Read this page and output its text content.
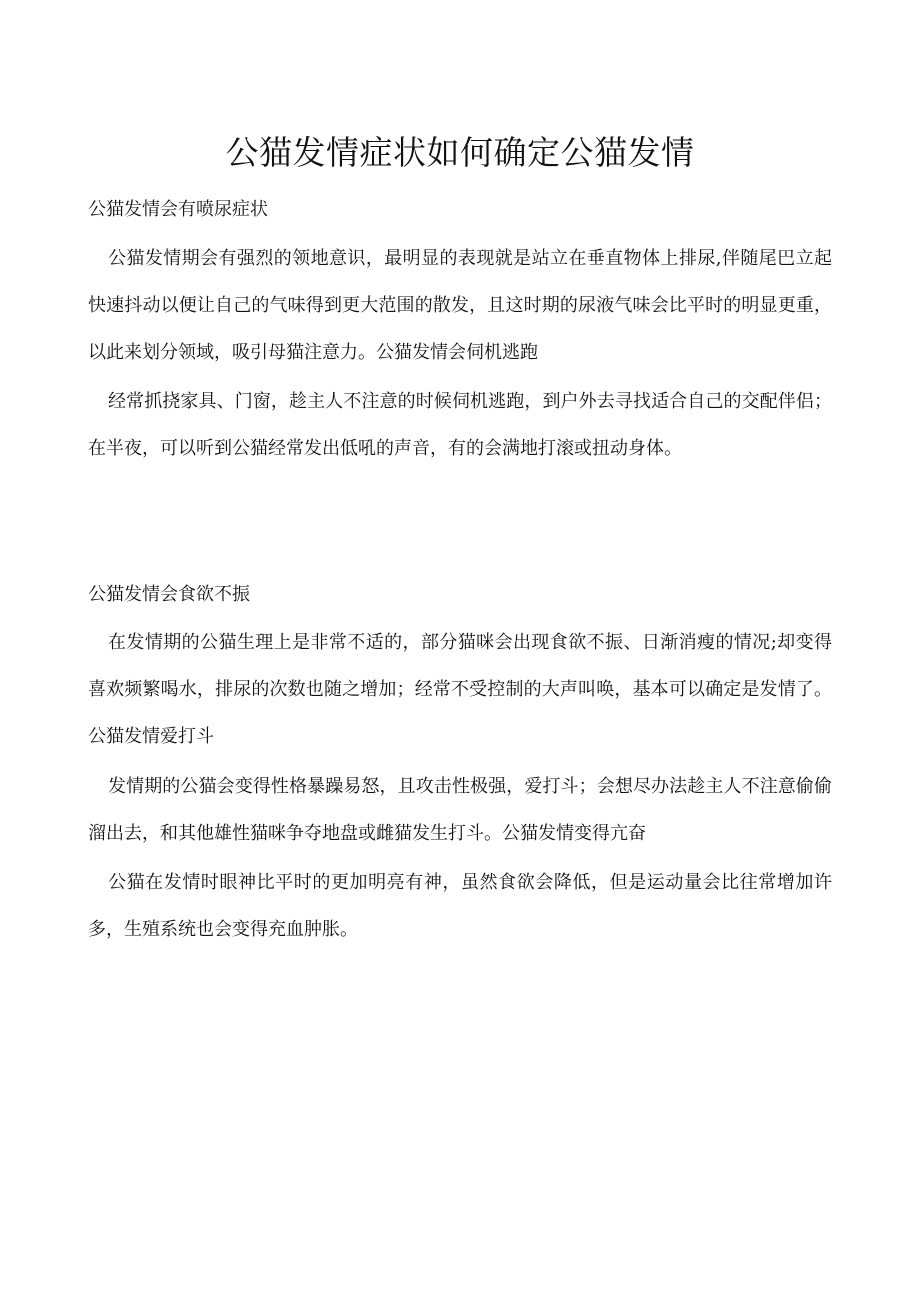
公猫发情症状如何确定公猫发情
公猫发情会有喷尿症状

公猫发情期会有强烈的领地意识，最明显的表现就是站立在垂直物体上排尿,伴随尾巴立起快速抖动以便让自己的气味得到更大范围的散发，且这时期的尿液气味会比平时的明显更重，以此来划分领域，吸引母猫注意力。公猫发情会伺机逃跑

经常抓挠家具、门窗，趁主人不注意的时候伺机逃跑，到户外去寻找适合自己的交配伴侣；在半夜，可以听到公猫经常发出低吼的声音，有的会满地打滚或扭动身体。

公猫发情会食欲不振

在发情期的公猫生理上是非常不适的，部分猫咪会出现食欲不振、日渐消瘦的情况;却变得喜欢频繁喝水，排尿的次数也随之增加；经常不受控制的大声叫唤，基本可以确定是发情了。公猫发情爱打斗

发情期的公猫会变得性格暴躁易怒，且攻击性极强，爱打斗；会想尽办法趁主人不注意偷偷溜出去，和其他雄性猫咪争夺地盘或雌猫发生打斗。公猫发情变得亢奋

公猫在发情时眼神比平时的更加明亮有神，虽然食欲会降低，但是运动量会比往常增加许多，生殖系统也会变得充血肿胀。
